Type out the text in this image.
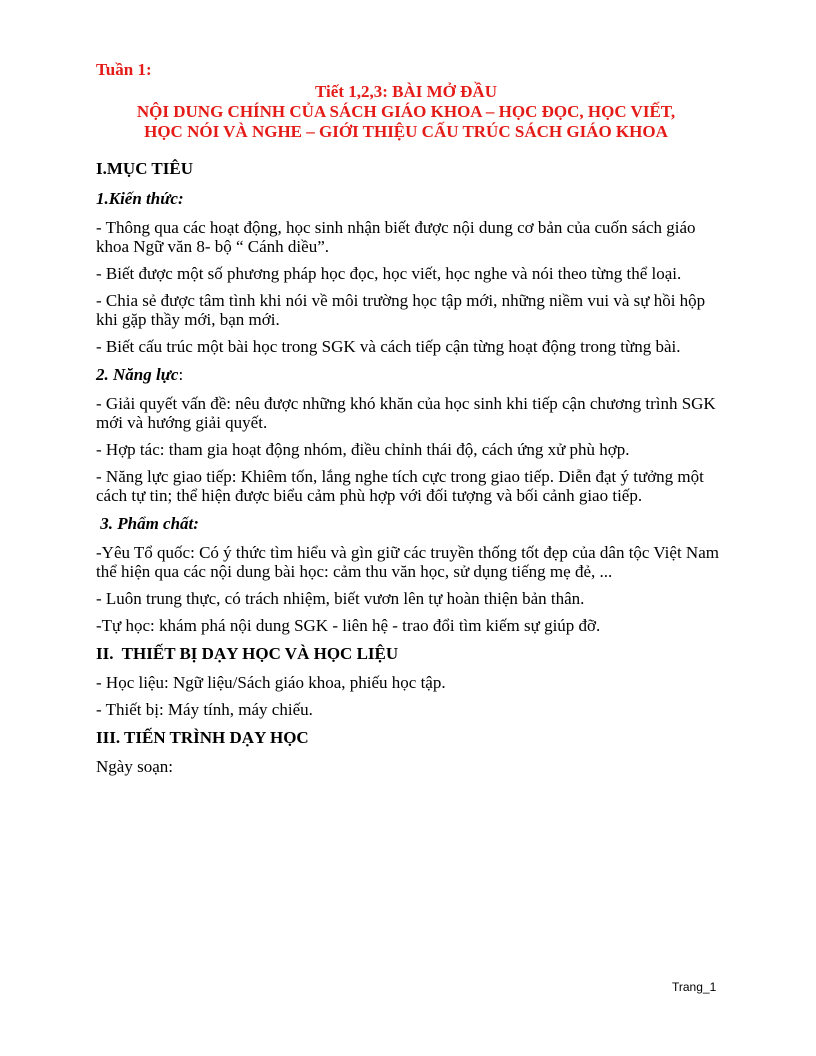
Tuần 1:
Tiết 1,2,3: BÀI MỞ ĐẦU
NỘI DUNG CHÍNH CỦA SÁCH GIÁO KHOA – HỌC ĐỌC, HỌC VIẾT,
HỌC NÓI VÀ NGHE – GIỚI THIỆU CẤU TRÚC SÁCH GIÁO KHOA
I.MỤC TIÊU
1.Kiến thức:
- Thông qua các hoạt động, học sinh nhận biết được nội dung cơ bản của cuốn sách giáo khoa Ngữ văn 8- bộ “ Cánh diều”.
- Biết được một số phương pháp học đọc, học viết, học nghe và nói theo từng thể loại.
- Chia sẻ được tâm tình khi nói về môi trường học tập mới, những niềm vui và sự hồi hộp khi gặp thầy mới, bạn mới.
- Biết cấu trúc một bài học trong SGK và cách tiếp cận từng hoạt động trong từng bài.
2. Năng lực:
- Giải quyết vấn đề: nêu được những khó khăn của học sinh khi tiếp cận chương trình SGK mới và hướng giải quyết.
- Hợp tác: tham gia hoạt động nhóm, điều chỉnh thái độ, cách ứng xử phù hợp.
- Năng lực giao tiếp: Khiêm tốn, lắng nghe tích cực trong giao tiếp. Diễn đạt ý tưởng một cách tự tin; thể hiện được biểu cảm phù hợp với đối tượng và bối cảnh giao tiếp.
3. Phẩm chất:
-Yêu Tổ quốc: Có ý thức tìm hiểu và gìn giữ các truyền thống tốt đẹp của dân tộc Việt Nam thể hiện qua các nội dung bài học: cảm thu văn học, sử dụng tiếng mẹ đẻ, ...
- Luôn trung thực, có trách nhiệm, biết vươn lên tự hoàn thiện bản thân.
-Tự học: khám phá nội dung SGK - liên hệ - trao đổi tìm kiếm sự giúp đỡ.
II.  THIẾT BỊ DẠY HỌC VÀ HỌC LIỆU
- Học liệu: Ngữ liệu/Sách giáo khoa, phiếu học tập.
- Thiết bị: Máy tính, máy chiếu.
III. TIẾN TRÌNH DẠY HỌC
Ngày soạn:
Trang_1
